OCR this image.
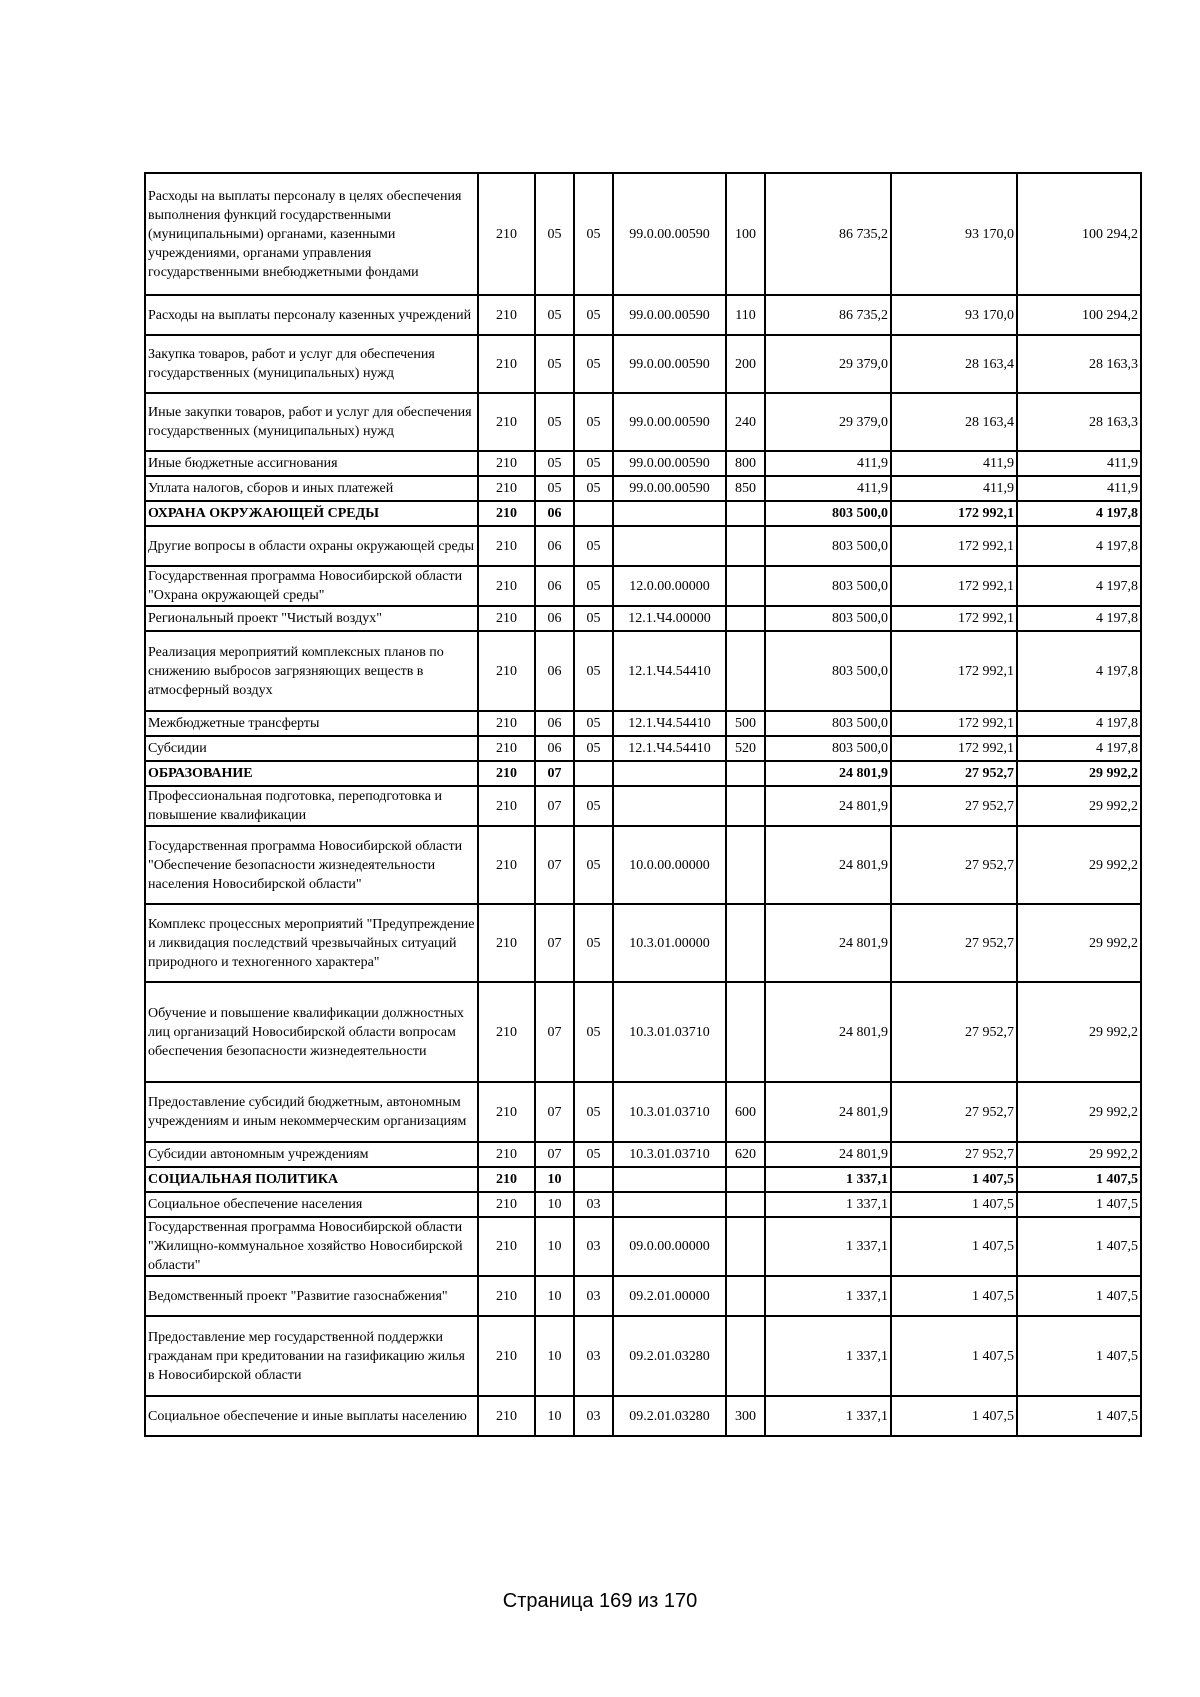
Расходы на выплаты персоналу в целях обеспечения выполнения функций государственными (муниципальными) органами, казенными учреждениями, органами управления государственными внебюджетными фондами	210	05	05	99.0.00.00590	100	86 735,2	93 170,0	100 294,2
Расходы на выплаты персоналу казенных учреждений	210	05	05	99.0.00.00590	110	86 735,2	93 170,0	100 294,2
Закупка товаров, работ и услуг для обеспечения государственных (муниципальных) нужд	210	05	05	99.0.00.00590	200	29 379,0	28 163,4	28 163,3
Иные закупки товаров, работ и услуг для обеспечения государственных (муниципальных) нужд	210	05	05	99.0.00.00590	240	29 379,0	28 163,4	28 163,3
Иные бюджетные ассигнования	210	05	05	99.0.00.00590	800	411,9	411,9	411,9
Уплата налогов, сборов и иных платежей	210	05	05	99.0.00.00590	850	411,9	411,9	411,9
ОХРАНА ОКРУЖАЮЩЕЙ СРЕДЫ	210	06				803 500,0	172 992,1	4 197,8
Другие вопросы в области охраны окружающей среды	210	06	05			803 500,0	172 992,1	4 197,8
Государственная программа Новосибирской области "Охрана окружающей среды"	210	06	05	12.0.00.00000		803 500,0	172 992,1	4 197,8
Региональный проект "Чистый воздух"	210	06	05	12.1.Ч4.00000		803 500,0	172 992,1	4 197,8
Реализация мероприятий комплексных планов по снижению выбросов загрязняющих веществ в атмосферный воздух	210	06	05	12.1.Ч4.54410		803 500,0	172 992,1	4 197,8
Межбюджетные трансферты	210	06	05	12.1.Ч4.54410	500	803 500,0	172 992,1	4 197,8
Субсидии	210	06	05	12.1.Ч4.54410	520	803 500,0	172 992,1	4 197,8
ОБРАЗОВАНИЕ	210	07				24 801,9	27 952,7	29 992,2
Профессиональная подготовка, переподготовка и повышение квалификации	210	07	05			24 801,9	27 952,7	29 992,2
Государственная программа Новосибирской области "Обеспечение безопасности жизнедеятельности населения Новосибирской области"	210	07	05	10.0.00.00000		24 801,9	27 952,7	29 992,2
Комплекс процессных мероприятий "Предупреждение и ликвидация последствий чрезвычайных ситуаций природного и техногенного характера"	210	07	05	10.3.01.00000		24 801,9	27 952,7	29 992,2
Обучение и повышение квалификации должностных лиц организаций Новосибирской области вопросам обеспечения безопасности жизнедеятельности	210	07	05	10.3.01.03710		24 801,9	27 952,7	29 992,2
Предоставление субсидий бюджетным, автономным учреждениям и иным некоммерческим организациям	210	07	05	10.3.01.03710	600	24 801,9	27 952,7	29 992,2
Субсидии автономным учреждениям	210	07	05	10.3.01.03710	620	24 801,9	27 952,7	29 992,2
СОЦИАЛЬНАЯ ПОЛИТИКА	210	10				1 337,1	1 407,5	1 407,5
Социальное обеспечение населения	210	10	03			1 337,1	1 407,5	1 407,5
Государственная программа Новосибирской области "Жилищно-коммунальное хозяйство Новосибирской области"	210	10	03	09.0.00.00000		1 337,1	1 407,5	1 407,5
Ведомственный проект "Развитие газоснабжения"	210	10	03	09.2.01.00000		1 337,1	1 407,5	1 407,5
Предоставление мер государственной поддержки гражданам при кредитовании на газификацию жилья в Новосибирской области	210	10	03	09.2.01.03280		1 337,1	1 407,5	1 407,5
Социальное обеспечение и иные выплаты населению	210	10	03	09.2.01.03280	300	1 337,1	1 407,5	1 407,5
Страница 169 из 170
